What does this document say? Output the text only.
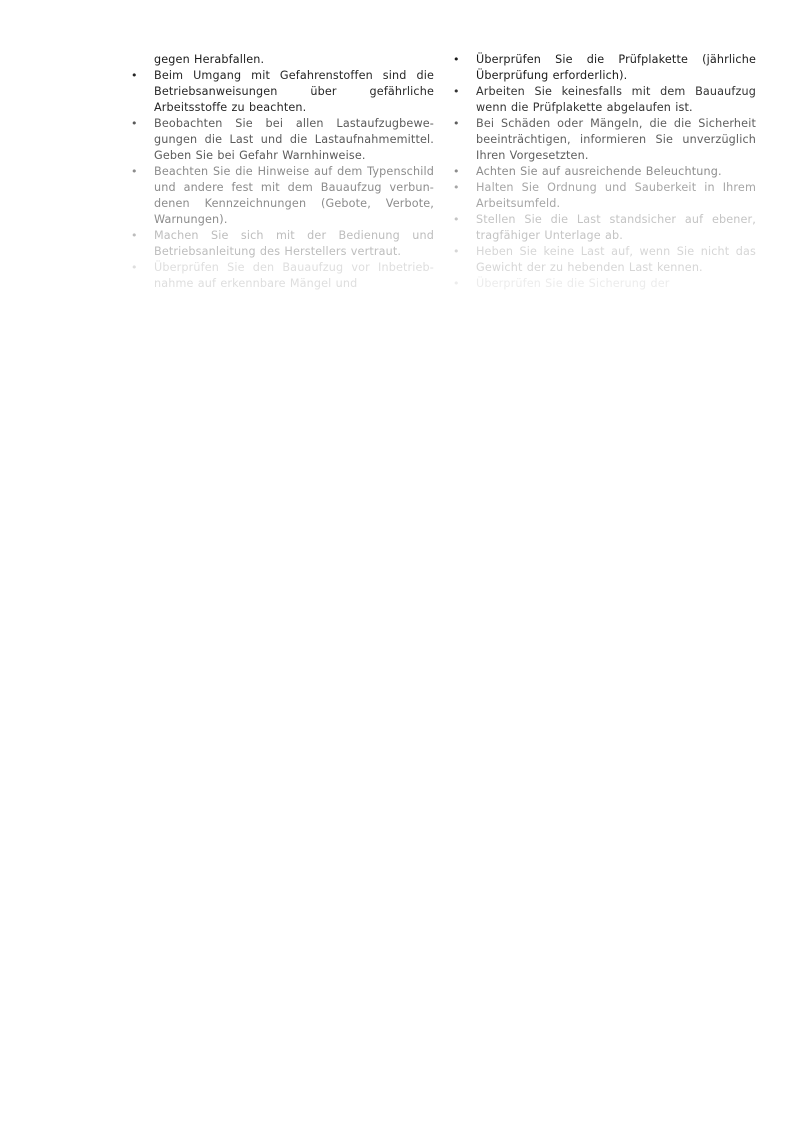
gegen Herabfallen.
• Beim Umgang mit Gefahrenstoffen sind die Betriebsanweisungen über gefährliche Arbeitsstoffe zu beachten.
• Beobachten Sie bei allen Lastaufzugbewe-gungen die Last und die Lastaufnahmemittel. Geben Sie bei Gefahr Warnhinweise.
• Beachten Sie die Hinweise auf dem Typenschild und andere fest mit dem Bauaufzug verbun-denen Kennzeichnungen (Gebote, Verbote, Warnungen).
• Machen Sie sich mit der Bedienung und Betriebsanleitung des Herstellers vertraut.
• Überprüfen Sie den Bauaufzug vor Inbetrieb-nahme auf erkennbare Mängel und
• Überprüfen Sie die Prüfplakette (jährliche Überprüfung erforderlich).
• Arbeiten Sie keinesfalls mit dem Bauaufzug wenn die Prüfplakette abgelaufen ist.
• Bei Schäden oder Mängeln, die die Sicherheit beeinträchtigen, informieren Sie unverzüglich Ihren Vorgesetzten.
• Achten Sie auf ausreichende Beleuchtung.
• Halten Sie Ordnung und Sauberkeit in Ihrem Arbeitsumfeld.
• Stellen Sie die Last standsicher auf ebener, tragfähiger Unterlage ab.
• Heben Sie keine Last auf, wenn Sie nicht das Gewicht der zu hebenden Last kennen.
• Überprüfen Sie die Sicherung der
